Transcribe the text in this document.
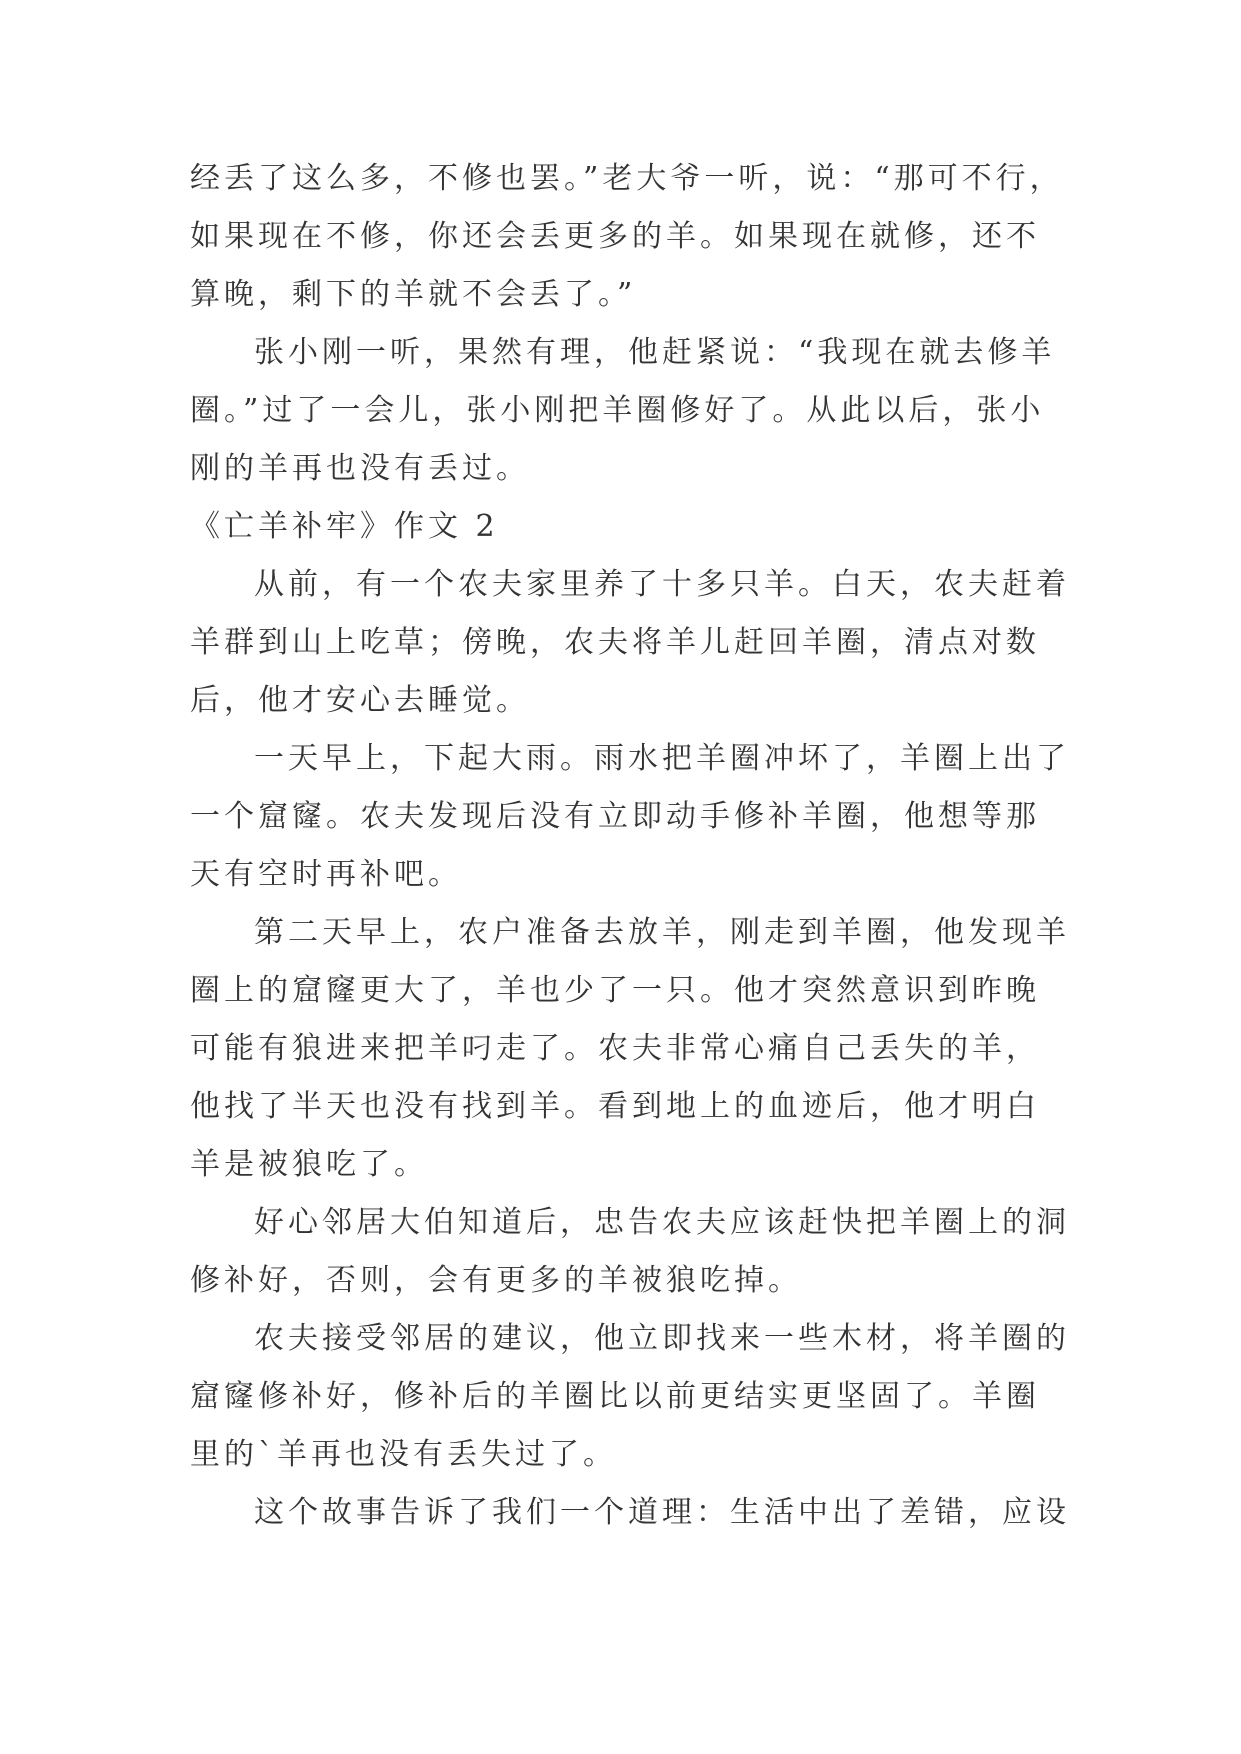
经丢了这么多，不修也罢。”老大爷一听，说：“那可不行，如果现在不修，你还会丢更多的羊。如果现在就修，还不算晚，剩下的羊就不会丢了。”

张小刚一听，果然有理，他赶紧说：“我现在就去修羊圈。”过了一会儿，张小刚把羊圈修好了。从此以后，张小刚的羊再也没有丢过。

《亡羊补牢》作文 2

从前，有一个农夫家里养了十多只羊。白天，农夫赶着羊群到山上吃草；傍晚，农夫将羊儿赶回羊圈，清点对数后，他才安心去睡觉。

一天早上，下起大雨。雨水把羊圈冲坏了，羊圈上出了一个窟窿。农夫发现后没有立即动手修补羊圈，他想等那天有空时再补吧。

第二天早上，农户准备去放羊，刚走到羊圈，他发现羊圈上的窟窿更大了，羊也少了一只。他才突然意识到昨晚可能有狼进来把羊叼走了。农夫非常心痛自己丢失的羊，他找了半天也没有找到羊。看到地上的血迹后，他才明白羊是被狼吃了。

好心邻居大伯知道后，忠告农夫应该赶快把羊圈上的洞修补好，否则，会有更多的羊被狼吃掉。

农夫接受邻居的建议，他立即找来一些木材，将羊圈的窟窿修补好，修补后的羊圈比以前更结实更坚固了。羊圈里的`羊再也没有丢失过了。

这个故事告诉了我们一个道理：生活中出了差错，应设
